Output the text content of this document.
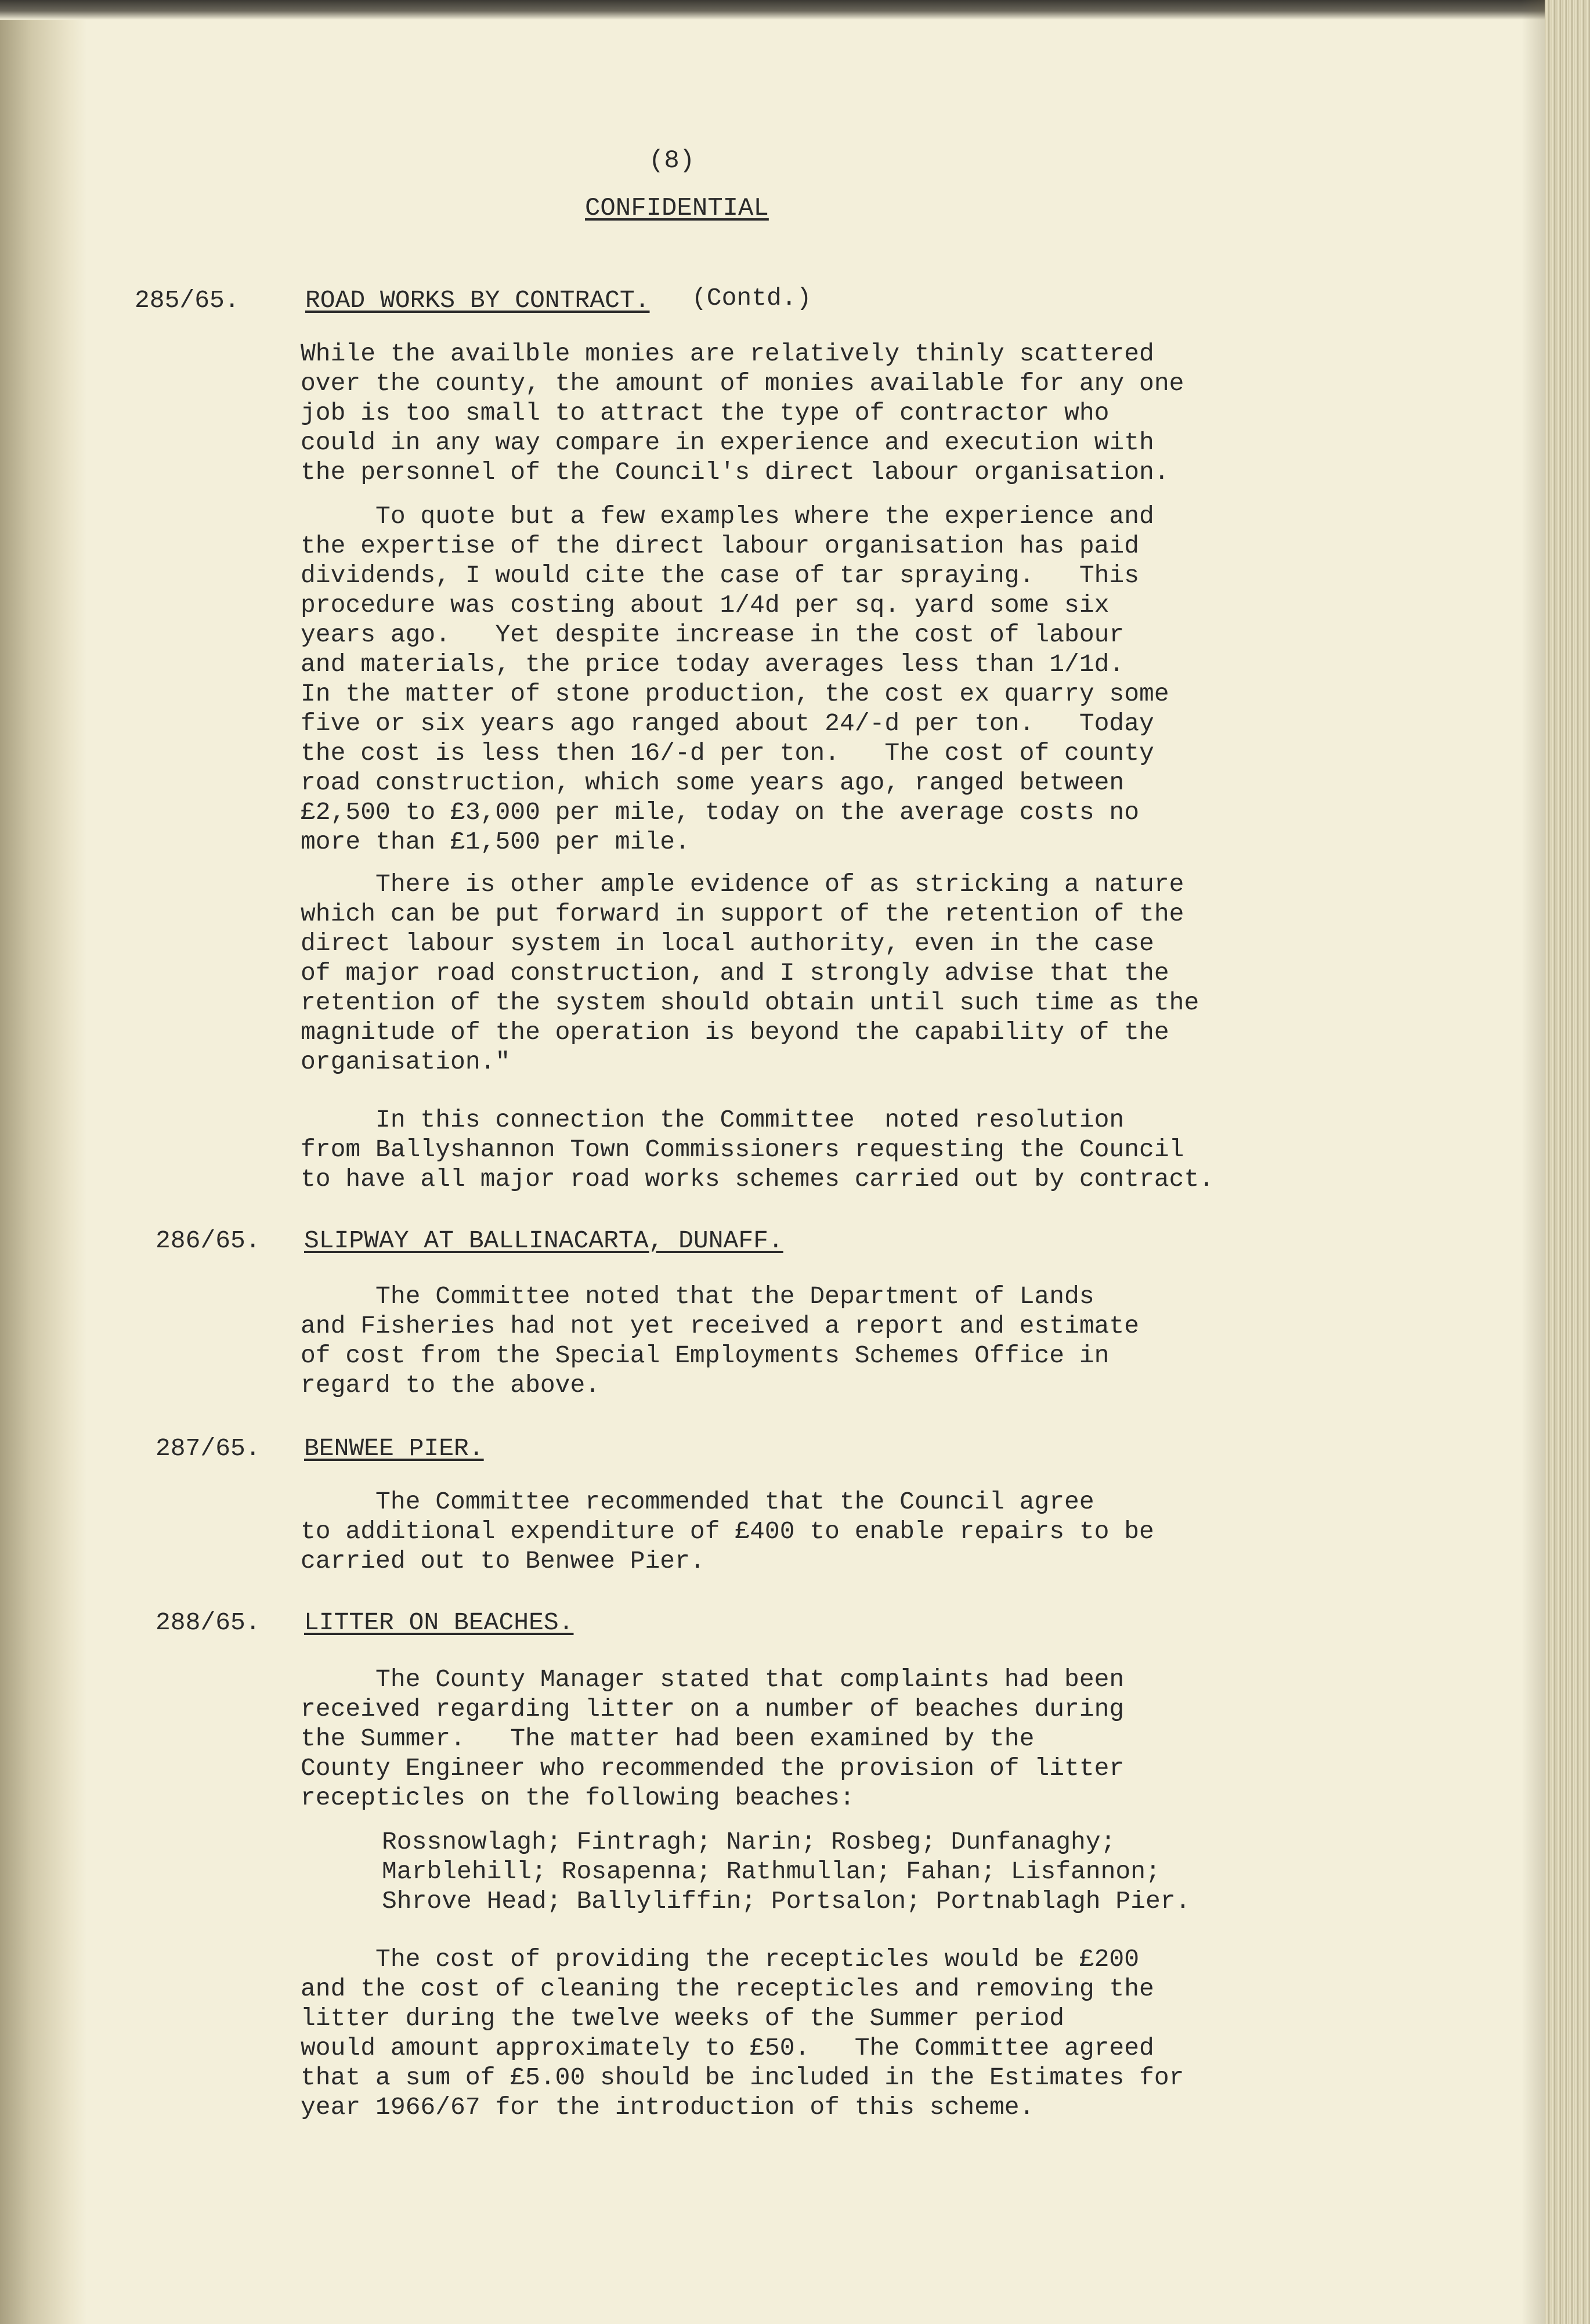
(8)
CONFIDENTIAL
285/65.	ROAD WORKS BY CONTRACT. (Contd.)
While the availble monies are relatively thinly scattered
over the county, the amount of monies available for any one
job is too small to attract the type of contractor who
could in any way compare in experience and execution with
the personnel of the Council's direct labour organisation.
To quote but a few examples where the experience and
the expertise of the direct labour organisation has paid
dividends, I would cite the case of tar spraying.   This
procedure was costing about 1/4d per sq. yard some six
years ago.   Yet despite increase in the cost of labour
and materials, the price today averages less than 1/1d.
In the matter of stone production, the cost ex quarry some
five or six years ago ranged about 24/-d per ton.   Today
the cost is less then 16/-d per ton.   The cost of county
road construction, which some years ago, ranged between
£2,500 to £3,000 per mile, today on the average costs no
more than £1,500 per mile.
There is other ample evidence of as stricking a nature
which can be put forward in support of the retention of the
direct labour system in local authority, even in the case
of major road construction, and I strongly advise that the
retention of the system should obtain until such time as the
magnitude of the operation is beyond the capability of the
organisation."
In this connection the Committee  noted resolution
from Ballyshannon Town Commissioners requesting the Council
to have all major road works schemes carried out by contract.
286/65. SLIPWAY AT BALLINACARTA, DUNAFF.
The Committee noted that the Department of Lands
and Fisheries had not yet received a report and estimate
of cost from the Special Employments Schemes Office in
regard to the above.
287/65. BENWEE PIER.
The Committee recommended that the Council agree
to additional expenditure of £400 to enable repairs to be
carried out to Benwee Pier.
288/65. LITTER ON BEACHES.
The County Manager stated that complaints had been
received regarding litter on a number of beaches during
the Summer.   The matter had been examined by the
County Engineer who recommended the provision of litter
recepticles on the following beaches:
Rossnowlagh; Fintragh; Narin; Rosbeg; Dunfanaghy;
Marblehill; Rosapenna; Rathmullan; Fahan; Lisfannon;
Shrove Head; Ballyliffin; Portsalon; Portnablagh Pier.
The cost of providing the recepticles would be £200
and the cost of cleaning the recepticles and removing the
litter during the twelve weeks of the Summer period
would amount approximately to £50.   The Committee agreed
that a sum of £5.00 should be included in the Estimates for
year 1966/67 for the introduction of this scheme.
